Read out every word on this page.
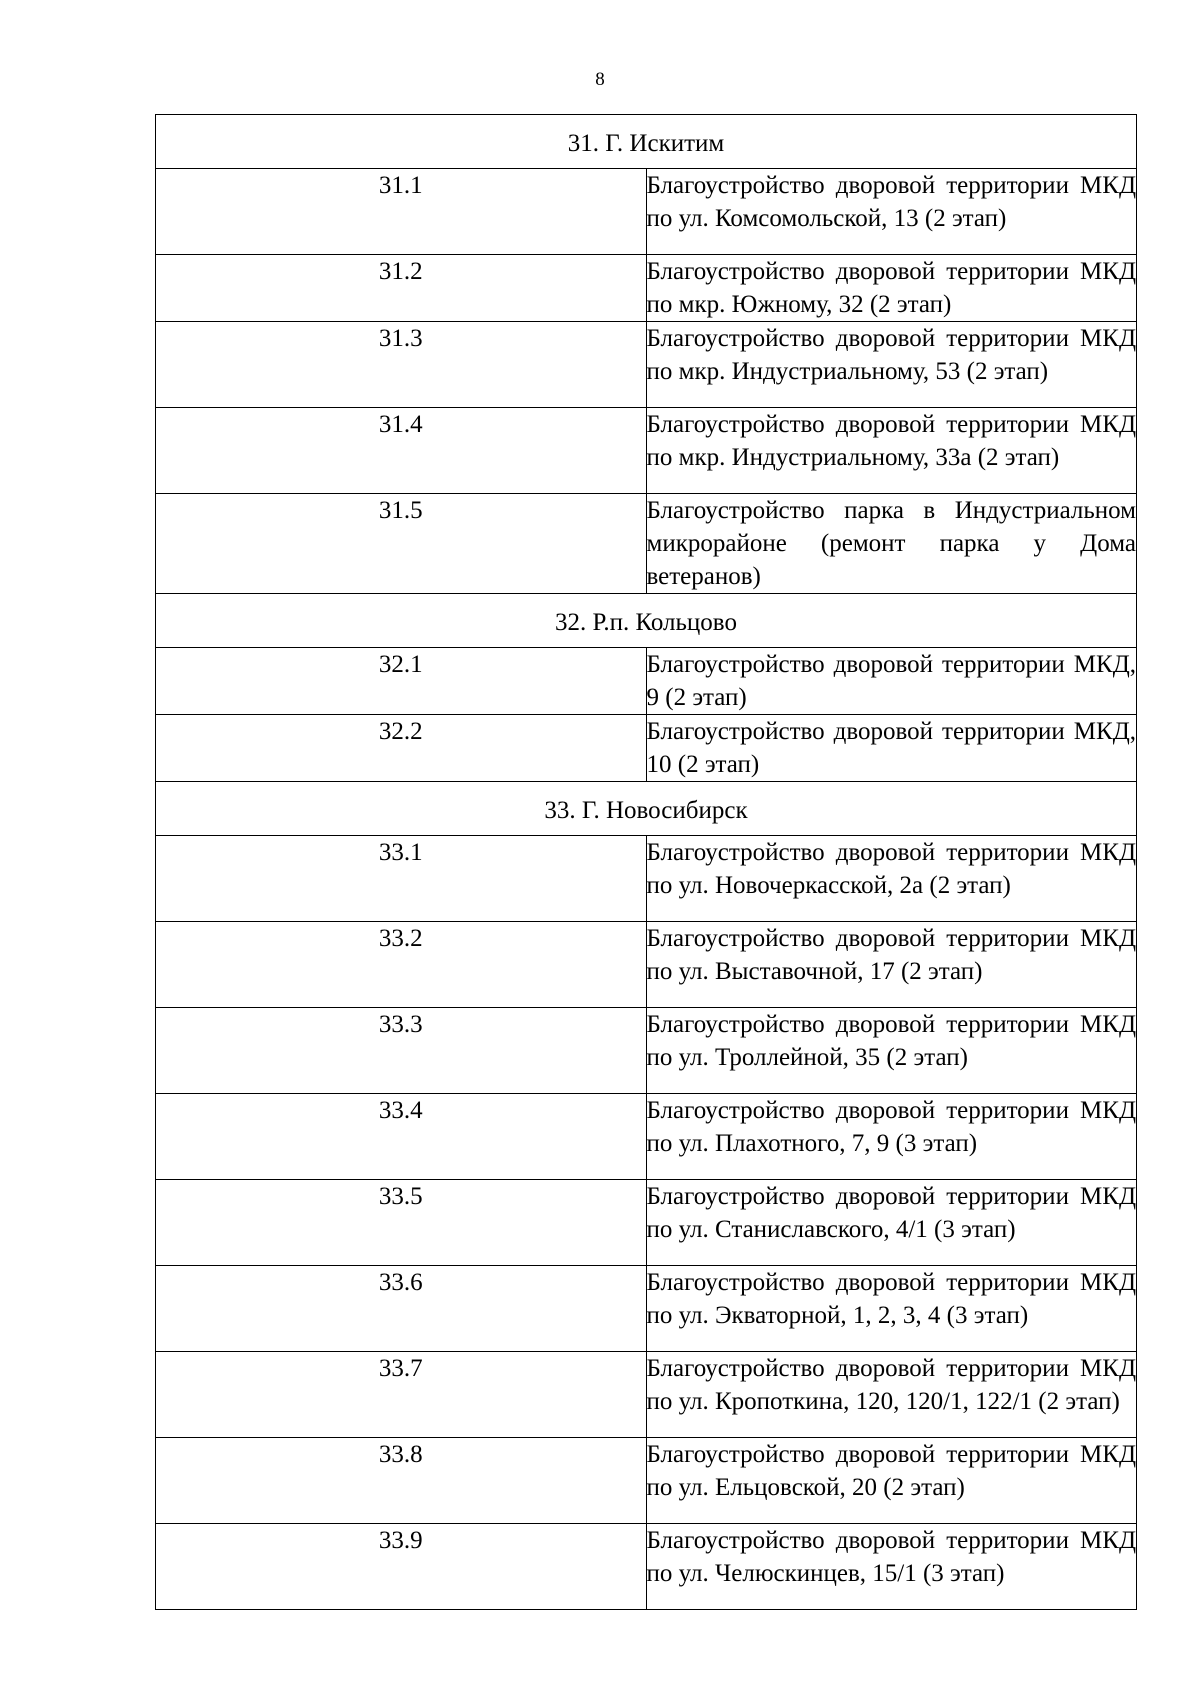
8
31. Г. Искитим	
31.1	Благоустройство дворовой территории МКД по ул. Комсомольской, 13 (2 этап)
31.2	Благоустройство дворовой территории МКД по мкр. Южному, 32 (2 этап)
31.3	Благоустройство дворовой территории МКД по мкр. Индустриальному, 53 (2 этап)
31.4	Благоустройство дворовой территории МКД по мкр. Индустриальному, 33а (2 этап)
31.5	Благоустройство парка в Индустриальном микрорайоне (ремонт парка у Дома ветеранов)
32. Р.п. Кольцово	
32.1	Благоустройство дворовой территории МКД, 9 (2 этап)
32.2	Благоустройство дворовой территории МКД, 10 (2 этап)
33. Г. Новосибирск	
33.1	Благоустройство дворовой территории МКД по ул. Новочеркасской, 2а (2 этап)
33.2	Благоустройство дворовой территории МКД по ул. Выставочной, 17 (2 этап)
33.3	Благоустройство дворовой территории МКД по ул. Троллейной, 35 (2 этап)
33.4	Благоустройство дворовой территории МКД по ул. Плахотного, 7, 9 (3 этап)
33.5	Благоустройство дворовой территории МКД по ул. Станиславского, 4/1 (3 этап)
33.6	Благоустройство дворовой территории МКД по ул. Экваторной, 1, 2, 3, 4 (3 этап)
33.7	Благоустройство дворовой территории МКД по ул. Кропоткина, 120, 120/1, 122/1 (2 этап)
33.8	Благоустройство дворовой территории МКД по ул. Ельцовской, 20 (2 этап)
33.9	Благоустройство дворовой территории МКД по ул. Челюскинцев, 15/1 (3 этап)
